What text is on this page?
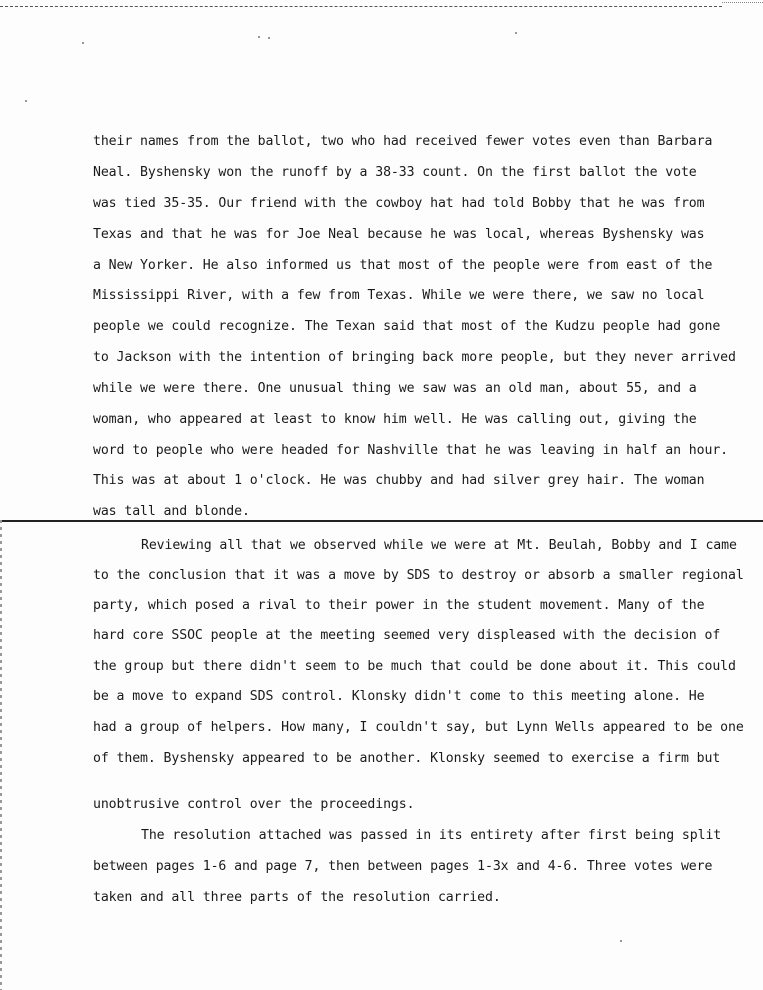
their names from the ballot, two who had received fewer votes even than Barbara
Neal. Byshensky won the runoff by a 38-33 count. On the first ballot the vote
was tied 35-35. Our friend with the cowboy hat had told Bobby that he was from
Texas and that he was for Joe Neal because he was local, whereas Byshensky was
a New Yorker. He also informed us that most of the people were from east of the
Mississippi River, with a few from Texas. While we were there, we saw no local
people we could recognize. The Texan said that most of the Kudzu people had gone
to Jackson with the intention of bringing back more people, but they never arrived
while we were there. One unusual thing we saw was an old man, about 55, and a
woman, who appeared at least to know him well. He was calling out, giving the
word to people who were headed for Nashville that he was leaving in half an hour.
This was at about 1 o'clock. He was chubby and had silver grey hair. The woman
was tall and blonde.
Reviewing all that we observed while we were at Mt. Beulah, Bobby and I came
to the conclusion that it was a move by SDS to destroy or absorb a smaller regional
party, which posed a rival to their power in the student movement. Many of the
hard core SSOC people at the meeting seemed very displeased with the decision of
the group but there didn't seem to be much that could be done about it. This could
be a move to expand SDS control. Klonsky didn't come to this meeting alone. He
had a group of helpers. How many, I couldn't say, but Lynn Wells appeared to be one
of them. Byshensky appeared to be another. Klonsky seemed to exercise a firm but
unobtrusive control over the proceedings.
The resolution attached was passed in its entirety after first being split
between pages 1-6 and page 7, then between pages 1-3x and 4-6. Three votes were
taken and all three parts of the resolution carried.
